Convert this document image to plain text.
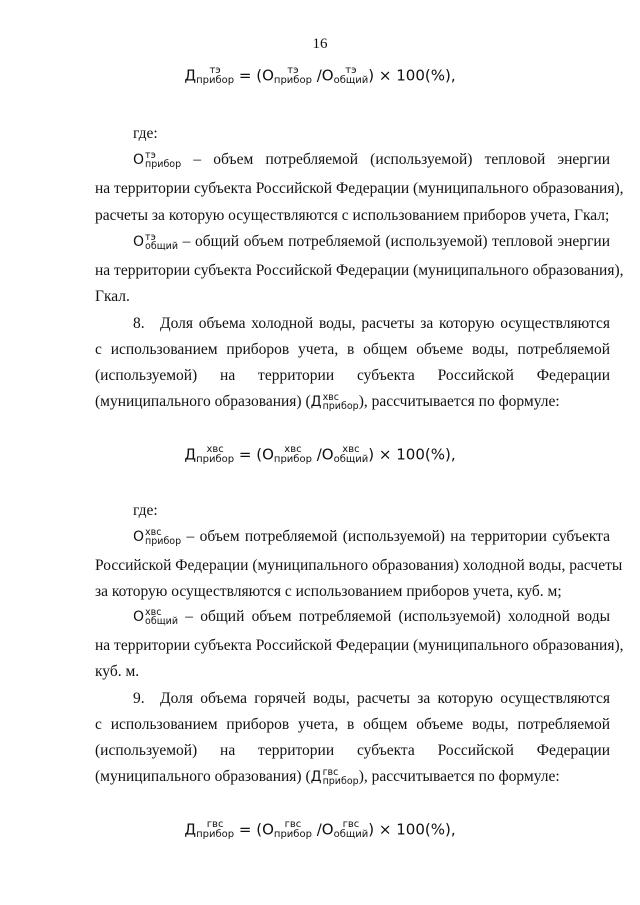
16
Д	тэ
прибор = (О	тэ
прибор /О	тэ
общий ) × 100(%),
где:
О тэ
прибор – объем потребляемой (используемой) тепловой энергии
на территории субъекта Российской Федерации (муниципального образования),
расчеты за которую осуществляются с использованием приборов учета, Гкал;
О тэ
общий – общий объем потребляемой (используемой) тепловой энергии
на территории субъекта Российской Федерации (муниципального образования),
Гкал.
8. Доля объема холодной воды, расчеты за которую осуществляются
с использованием приборов учета, в общем объеме воды, потребляемой
(используемой) на территории субъекта Российской Федерации
(муниципального образования) (Д хвс
прибор ), рассчитывается по формуле:
Д	хвс
прибор = (О	хвс
прибор /О хвс
общий ) × 100(%),
где:
О хвс
прибор – объем потребляемой (используемой) на территории субъекта
Российской Федерации (муниципального образования) холодной воды, расчеты
за которую осуществляются с использованием приборов учета, куб. м;
О хвс
общий – общий объем потребляемой (используемой) холодной воды
на территории субъекта Российской Федерации (муниципального образования),
куб. м.
9. Доля объема горячей воды, расчеты за которую осуществляются
с использованием приборов учета, в общем объеме воды, потребляемой
(используемой) на территории субъекта Российской Федерации
(муниципального образования) (Д гвс
прибор ), рассчитывается по формуле:
Д	гвс
прибор = (О	гвс
прибор /О гвс
общий ) × 100(%),
